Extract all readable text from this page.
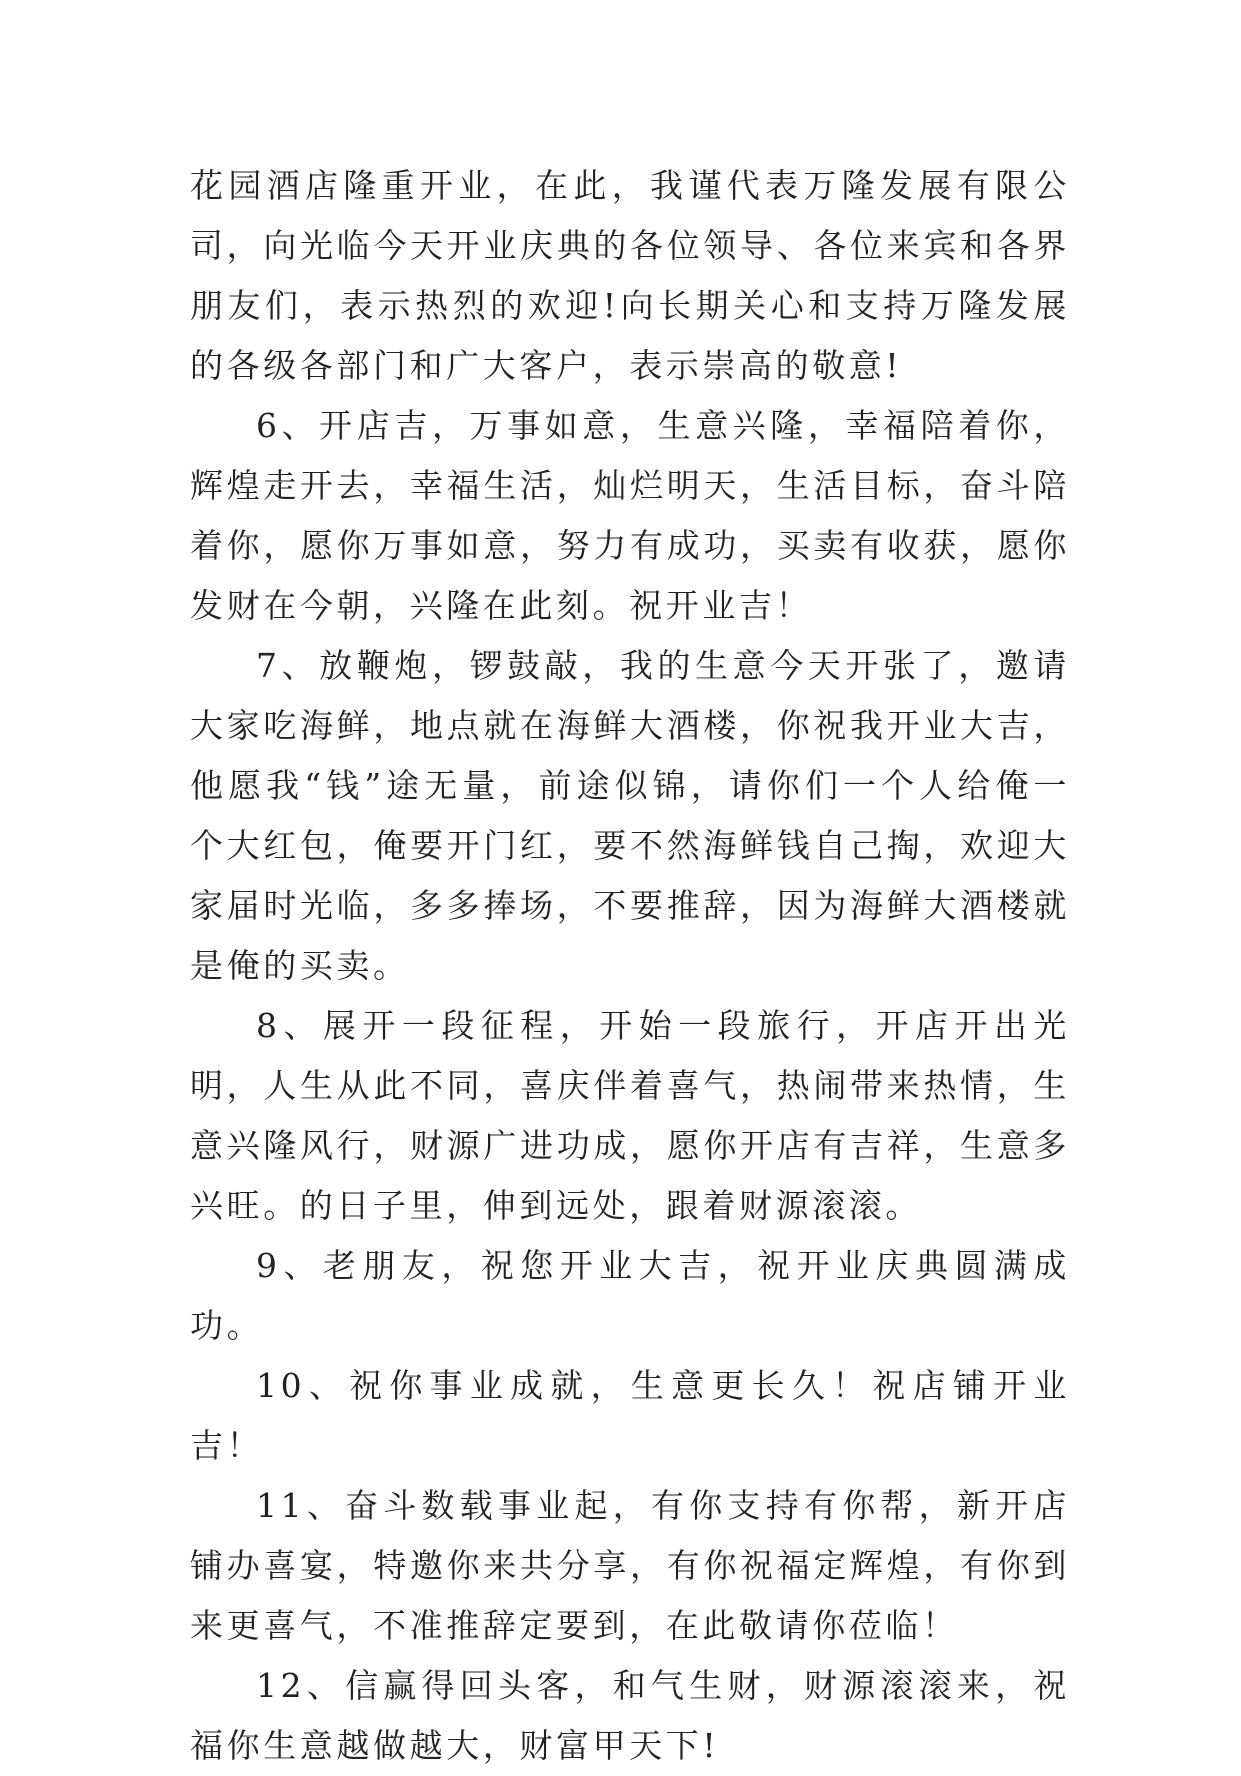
花园酒店隆重开业，在此，我谨代表万隆发展有限公司，向光临今天开业庆典的各位领导、各位来宾和各界朋友们，表示热烈的欢迎!向长期关心和支持万隆发展的各级各部门和广大客户，表示崇高的敬意!

6、开店吉，万事如意，生意兴隆，幸福陪着你，辉煌走开去，幸福生活，灿烂明天，生活目标，奋斗陪着你，愿你万事如意，努力有成功，买卖有收获，愿你发财在今朝，兴隆在此刻。祝开业吉！

7、放鞭炮，锣鼓敲，我的生意今天开张了，邀请大家吃海鲜，地点就在海鲜大酒楼，你祝我开业大吉，他愿我“钱”途无量，前途似锦，请你们一个人给俺一个大红包，俺要开门红，要不然海鲜钱自己掏，欢迎大家届时光临，多多捧场，不要推辞，因为海鲜大酒楼就是俺的买卖。

8、展开一段征程，开始一段旅行，开店开出光明，人生从此不同，喜庆伴着喜气，热闹带来热情，生意兴隆风行，财源广进功成，愿你开店有吉祥，生意多兴旺。的日子里，伸到远处，跟着财源滚滚。

9、老朋友，祝您开业大吉，祝开业庆典圆满成功。

10、祝你事业成就，生意更长久！祝店铺开业吉！

11、奋斗数载事业起，有你支持有你帮，新开店铺办喜宴，特邀你来共分享，有你祝福定辉煌，有你到来更喜气，不准推辞定要到，在此敬请你莅临！

12、信赢得回头客，和气生财，财源滚滚来，祝福你生意越做越大，财富甲天下!
